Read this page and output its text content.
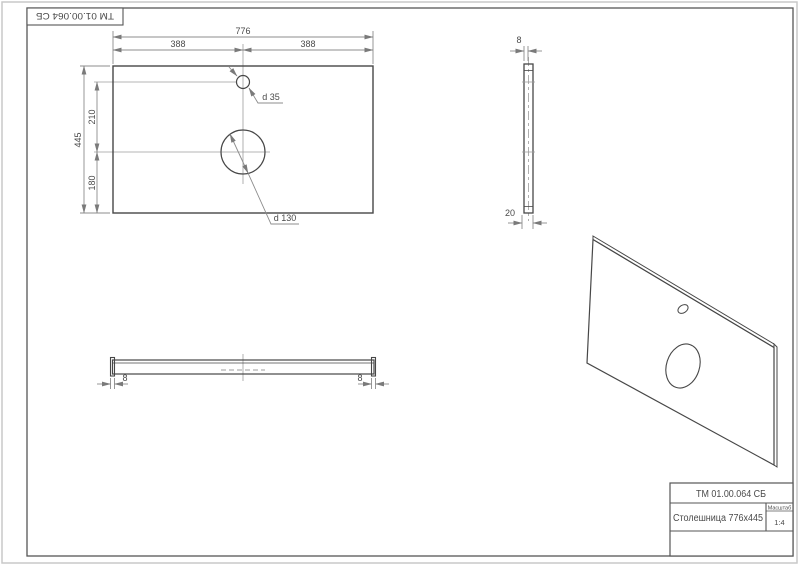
ТМ 01.00.064 СБ
776
388	388
445
210
180
d 35
d 130
8
20
8	8
ТМ 01.00.064 СБ
Столешница 776x445
Масштаб
1:4
